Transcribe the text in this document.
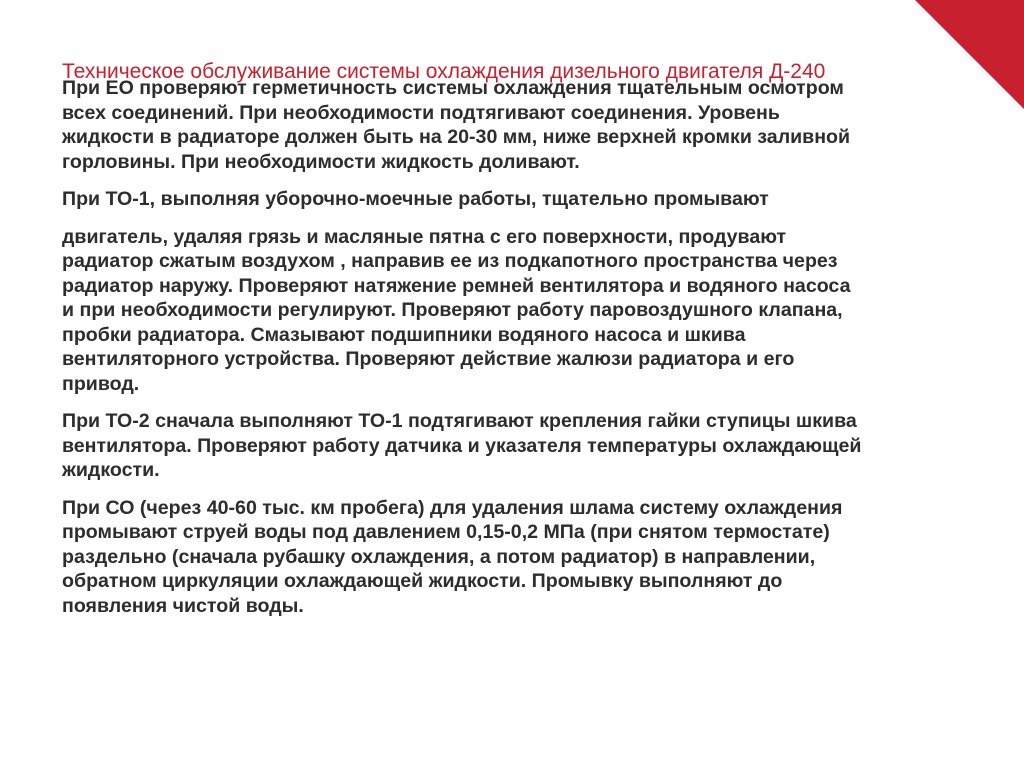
Техническое обслуживание системы охлаждения дизельного двигателя Д-240

При ЕО проверяют герметичность системы охлаждения тщательным осмотром всех соединений. При необходимости подтягивают соединения. Уровень жидкости в радиаторе должен быть на 20-30 мм, ниже верхней кромки заливной горловины. При необходимости жидкость доливают.

При ТО-1, выполняя уборочно-моечные работы, тщательно промывают

двигатель, удаляя грязь и масляные пятна с его поверхности, продувают радиатор сжатым воздухом , направив ее из подкапотного пространства через радиатор наружу. Проверяют натяжение ремней вентилятора и водяного насоса и при необходимости регулируют. Проверяют работу паровоздушного клапана, пробки радиатора. Смазывают подшипники водяного насоса и шкива вентиляторного устройства. Проверяют действие жалюзи радиатора и его привод.

При ТО-2 сначала выполняют ТО-1 подтягивают крепления гайки ступицы шкива вентилятора. Проверяют работу датчика и указателя температуры охлаждающей жидкости.

При СО (через 40-60 тыс. км пробега) для удаления шлама систему охлаждения промывают струей воды под давлением 0,15-0,2 МПа (при снятом термостате) раздельно (сначала рубашку охлаждения, а потом радиатор) в направлении, обратном циркуляции охлаждающей жидкости. Промывку выполняют до появления чистой воды.
